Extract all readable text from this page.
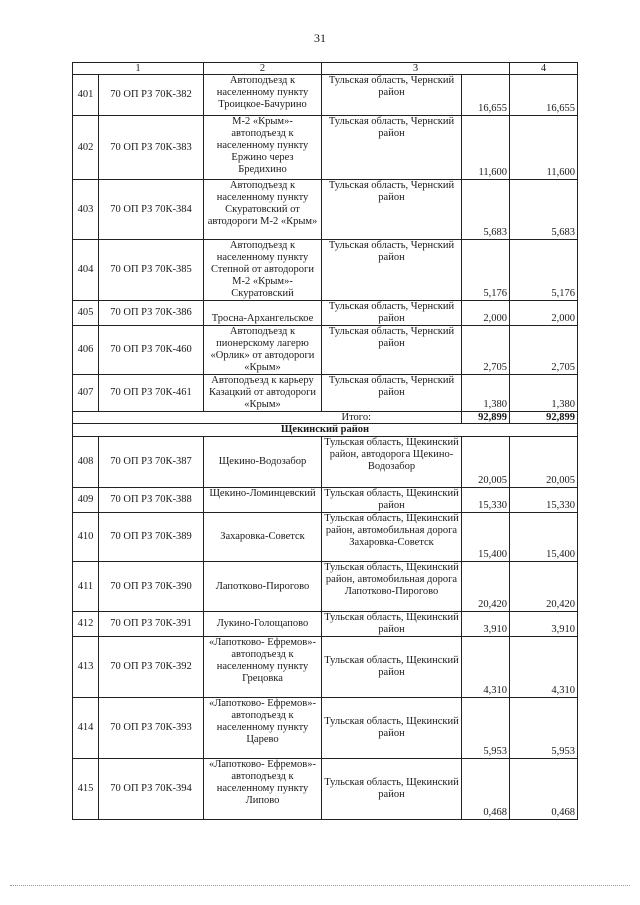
31
1		2	3		4
401	70 ОП РЗ 70К-382	Автоподъезд к населенному пункту Троицкое-Бачурино	Тульская область, Чернский район	16,655	16,655
402	70 ОП РЗ 70К-383	М-2 «Крым»- автоподъезд к населенному пункту Ержино через Бредихино	Тульская область, Чернский район	11,600	11,600
403	70 ОП РЗ 70К-384	Автоподъезд к населенному пункту Скуратовский от автодороги М-2 «Крым»	Тульская область, Чернский район	5,683	5,683
404	70 ОП РЗ 70К-385	Автоподъезд к населенному пункту Степной от автодороги М-2 «Крым»-Скуратовский	Тульская область, Чернский район	5,176	5,176
405	70 ОП РЗ 70К-386	Тросна-Архангельское	Тульская область, Чернский район	2,000	2,000
406	70 ОП РЗ 70К-460	Автоподъезд к пионерскому лагерю «Орлик» от автодороги «Крым»	Тульская область, Чернский район	2,705	2,705
407	70 ОП РЗ 70К-461	Автоподъезд к карьеру Казацкий от автодороги «Крым»	Тульская область, Чернский район	1,380	1,380
Итого:				92,899	92,899
Щекинский район					
408	70 ОП РЗ 70К-387	Щекино-Водозабор	Тульская область, Щекинский район, автодорога Щекино-Водозабор	20,005	20,005
409	70 ОП РЗ 70К-388	Щекино-Ломинцевский	Тульская область, Щекинский район	15,330	15,330
410	70 ОП РЗ 70К-389	Захаровка-Советск	Тульская область, Щекинский район, автомобильная дорога Захаровка-Советск	15,400	15,400
411	70 ОП РЗ 70К-390	Лапотково-Пирогово	Тульская область, Щекинский район, автомобильная дорога Лапотково-Пирогово	20,420	20,420
412	70 ОП РЗ 70К-391	Лукино-Голощапово	Тульская область, Щекинский район	3,910	3,910
413	70 ОП РЗ 70К-392	«Лапотково- Ефремов»- автоподъезд к населенному пункту Грецовка	Тульская область, Щекинский район	4,310	4,310
414	70 ОП РЗ 70К-393	«Лапотково- Ефремов»- автоподъезд к населенному пункту Царево	Тульская область, Щекинский район	5,953	5,953
415	70 ОП РЗ 70К-394	«Лапотково- Ефремов»- автоподъезд к населенному пункту Липово	Тульская область, Щекинский район	0,468	0,468
